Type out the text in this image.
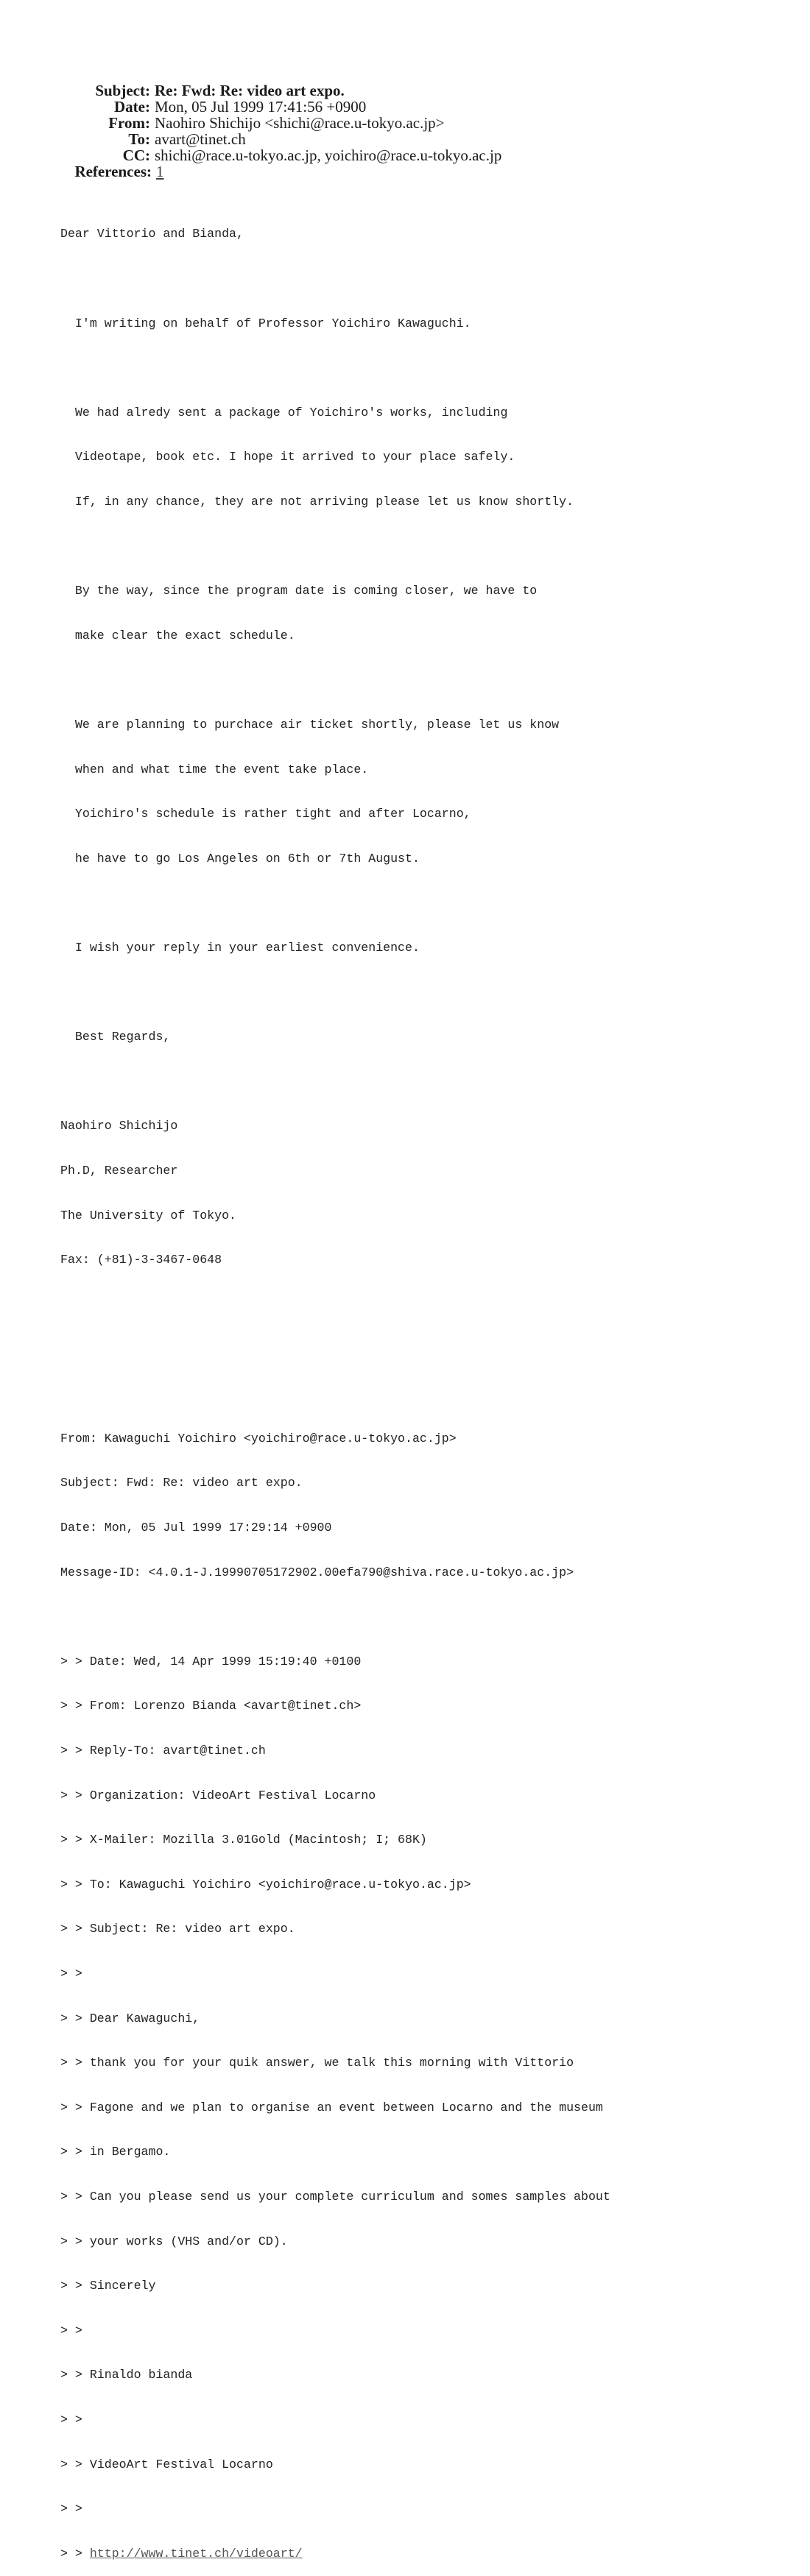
Subject: Re: Fwd: Re: video art expo.
Date: Mon, 05 Jul 1999 17:41:56 +0900
From: Naohiro Shichijo <shichi@race.u-tokyo.ac.jp>
To: avart@tinet.ch
CC: shichi@race.u-tokyo.ac.jp, yoichiro@race.u-tokyo.ac.jp
References: 1

Dear Vittorio and Bianda,

I'm writing on behalf of Professor Yoichiro Kawaguchi.

We had alredy sent a package of Yoichiro's works, including

Videotape, book etc. I hope it arrived to your place safely.

If, in any chance, they are not arriving please let us know shortly.

By the way, since the program date is coming closer, we have to

make clear the exact schedule.

We are planning to purchace air ticket shortly, please let us know

when and what time the event take place.

Yoichiro's schedule is rather tight and after Locarno,

he have to go Los Angeles on 6th or 7th August.

I wish your reply in your earliest convenience.

Best Regards,

Naohiro Shichijo

Ph.D, Researcher

The University of Tokyo.

Fax: (+81)-3-3467-0648

From: Kawaguchi Yoichiro <yoichiro@race.u-tokyo.ac.jp>

Subject: Fwd: Re: video art expo.

Date: Mon, 05 Jul 1999 17:29:14 +0900

Message-ID: <4.0.1-J.19990705172902.00efa790@shiva.race.u-tokyo.ac.jp>

> > Date: Wed, 14 Apr 1999 15:19:40 +0100

> > From: Lorenzo Bianda <avart@tinet.ch>

> > Reply-To: avart@tinet.ch

> > Organization: VideoArt Festival Locarno

> > X-Mailer: Mozilla 3.01Gold (Macintosh; I; 68K)

> > To: Kawaguchi Yoichiro <yoichiro@race.u-tokyo.ac.jp>

> > Subject: Re: video art expo.

> >

> > Dear Kawaguchi,

> > thank you for your quik answer, we talk this morning with Vittorio

> > Fagone and we plan to organise an event between Locarno and the museum

> > in Bergamo.

> > Can you please send us your complete curriculum and somes samples about

> > your works (VHS and/or CD).

> > Sincerely

> >

> > Rinaldo bianda

> >

> > VideoArt Festival Locarno

> >

> > http://www.tinet.ch/videoart/
